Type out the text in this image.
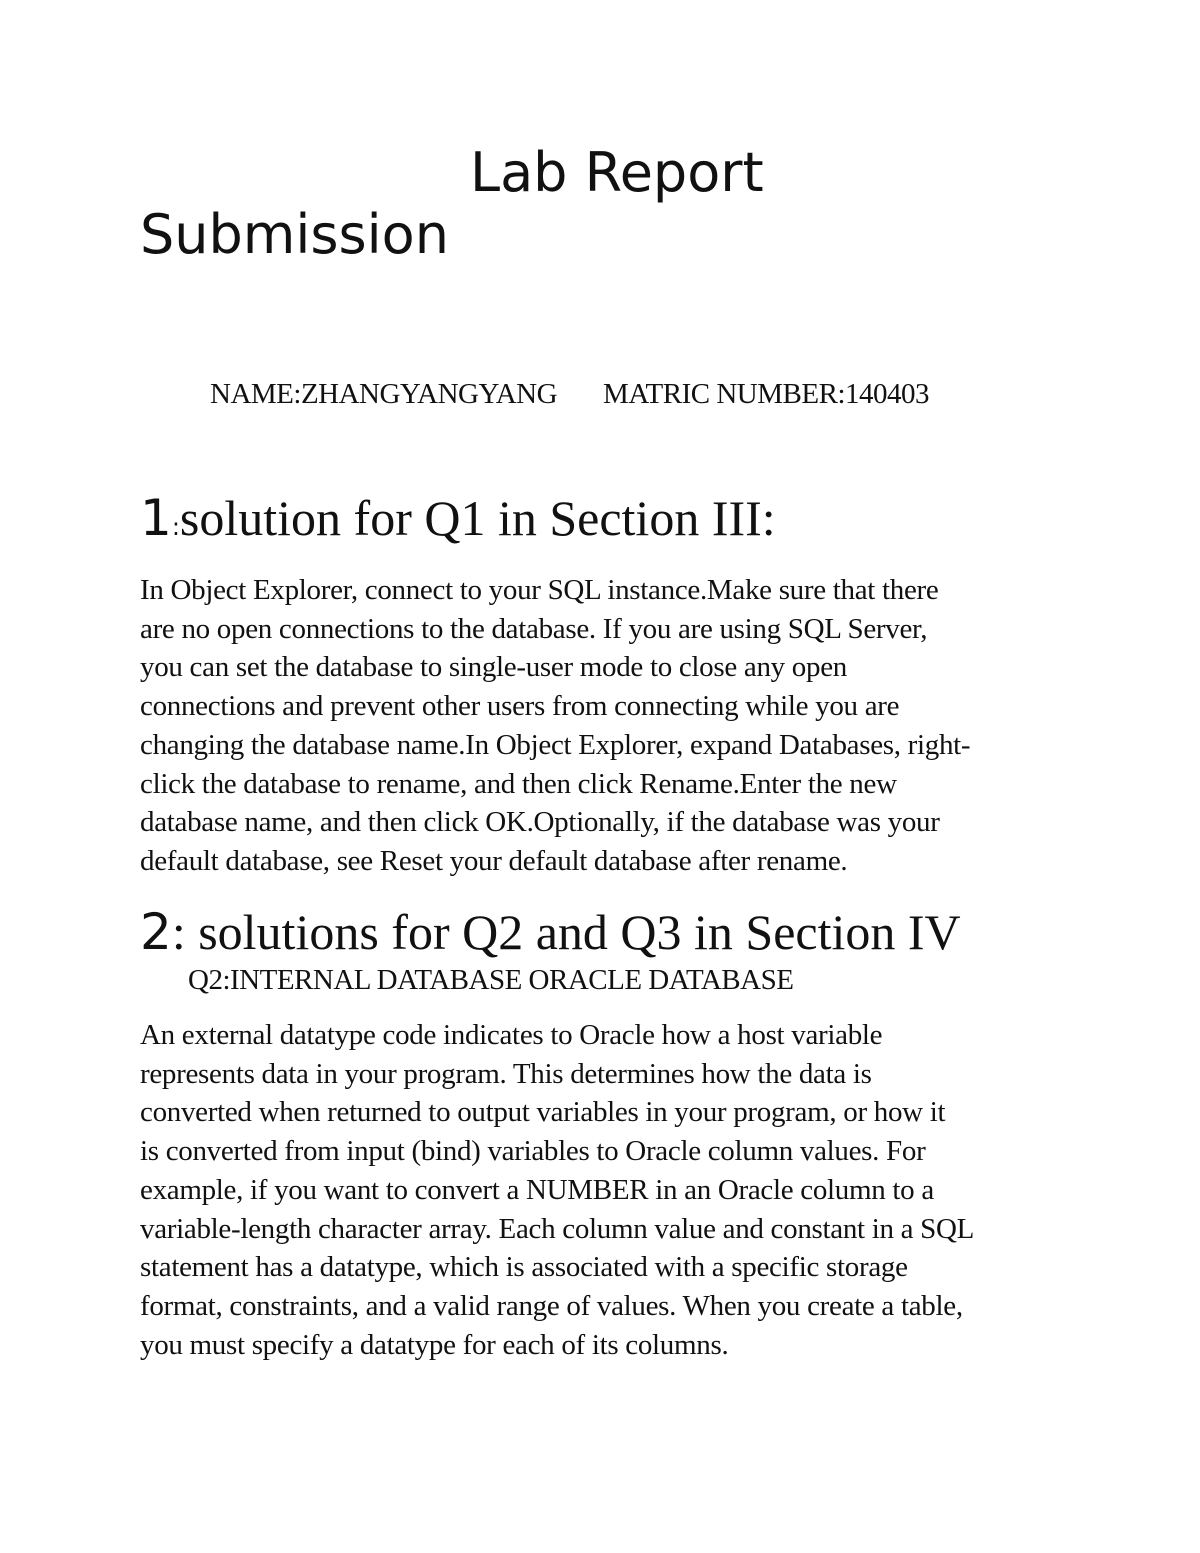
Lab Report
Submission
NAME:ZHANGYANGYANG MATRIC NUMBER:140403
1:solution for Q1 in Section III:

In Object Explorer, connect to your SQL instance.Make sure that there
are no open connections to the database. If you are using SQL Server,
you can set the database to single-user mode to close any open
connections and prevent other users from connecting while you are
changing the database name.In Object Explorer, expand Databases, right-
click the database to rename, and then click Rename.Enter the new
database name, and then click OK.Optionally, if the database was your
default database, see Reset your default database after rename.

2: solutions for Q2 and Q3 in Section IV
Q2:INTERNAL DATABASE ORACLE DATABASE

An external datatype code indicates to Oracle how a host variable
represents data in your program. This determines how the data is
converted when returned to output variables in your program, or how it
is converted from input (bind) variables to Oracle column values. For
example, if you want to convert a NUMBER in an Oracle column to a
variable-length character array. Each column value and constant in a SQL
statement has a datatype, which is associated with a specific storage
format, constraints, and a valid range of values. When you create a table,
you must specify a datatype for each of its columns.
